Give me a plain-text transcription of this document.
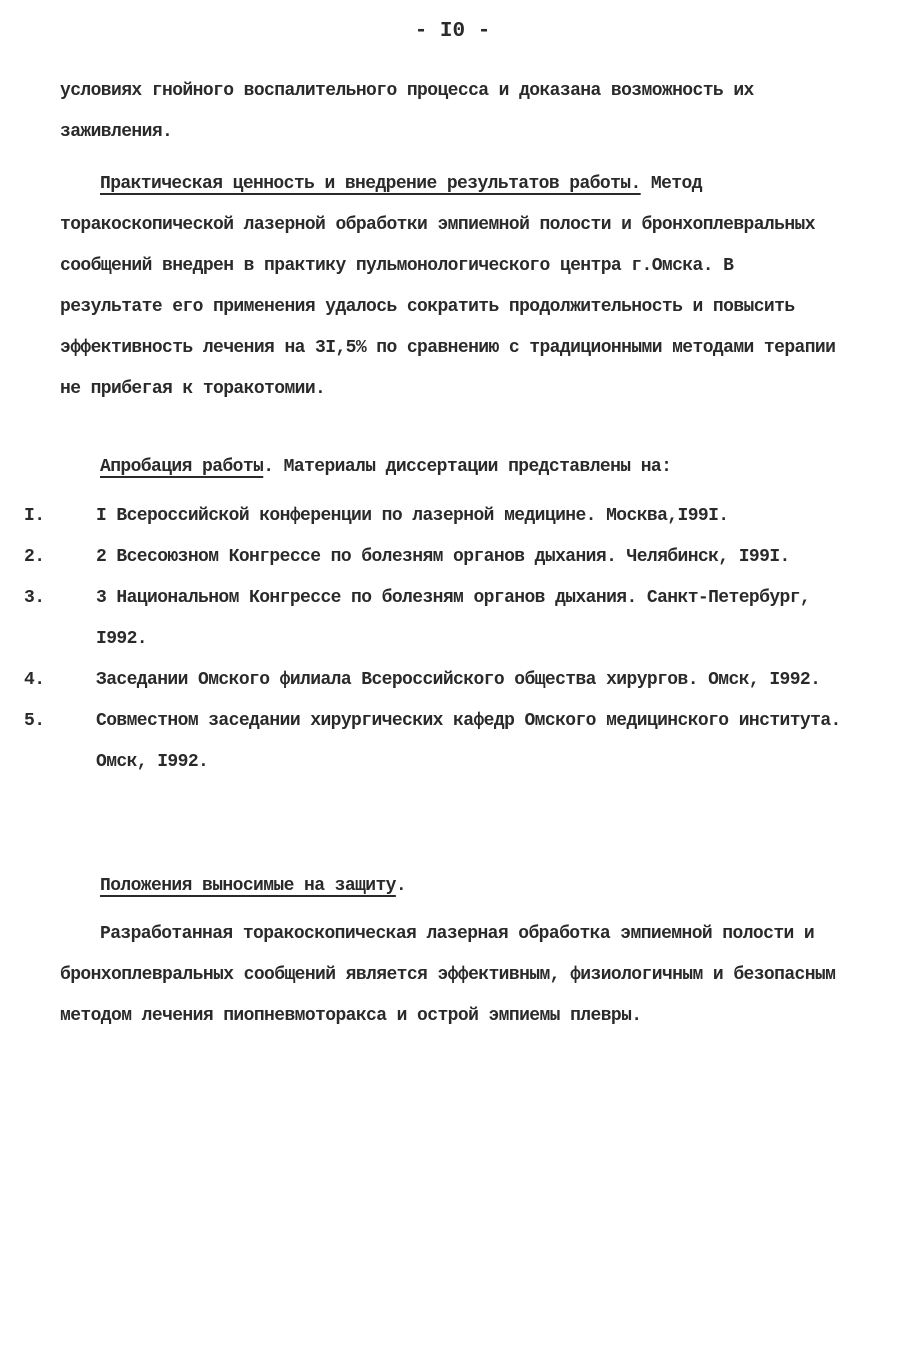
- I0 -

условиях гнойного воспалительного процесса и доказана возможность их заживления.

Практическая ценность и внедрение результатов работы. Метод торакоскопической лазерной обработки эмпиемной полости и бронхоплевральных сообщений внедрен в практику пульмонологического центра г.Омска. В результате его применения удалось сократить продолжительность и повысить эффективность лечения на 3I,5% по сравнению с традиционными методами терапии не прибегая к торакотомии.

Апробация работы. Материалы диссертации представлены на:

I.	I Всероссийской конференции по лазерной медицине. Москва,I99I.
2.	2 Всесоюзном Конгрессе по болезням органов дыхания. Челябинск, I99I.
3.	3 Национальном Конгрессе по болезням органов дыхания. Санкт-Петербург, I992.
4.	Заседании Омского филиала Всероссийского общества хирургов. Омск, I992.
5.	Совместном заседании хирургических кафедр Омского медицинского института. Омск, I992.

Положения выносимые на защиту.

Разработанная торакоскопическая лазерная обработка эмпиемной полости и бронхоплевральных сообщений является эффективным, физиологичным и безопасным методом лечения пиопневмоторакса и острой эмпиемы плевры.
